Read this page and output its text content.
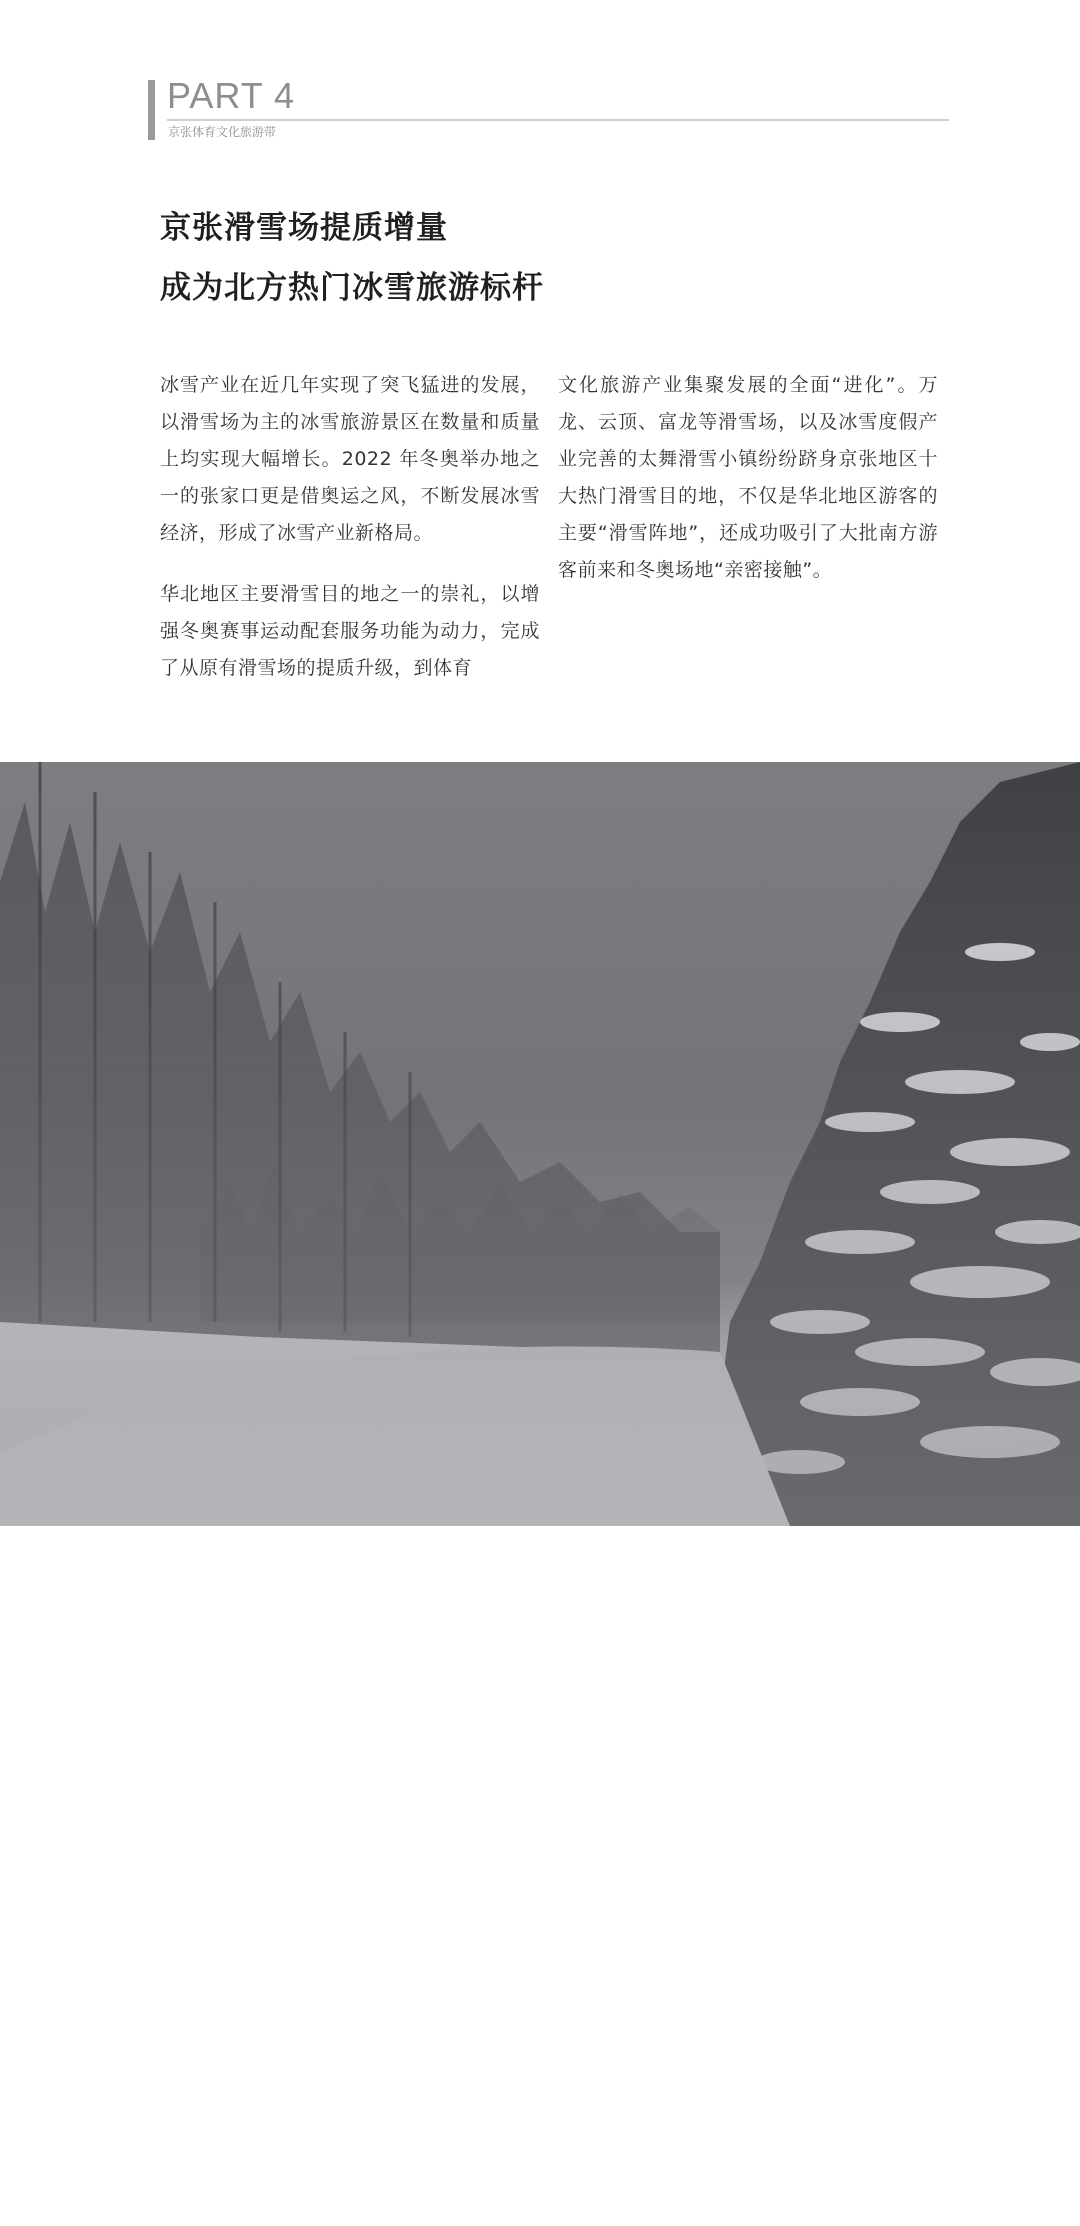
PART 4
京张体育文化旅游带
京张滑雪场提质增量
成为北方热门冰雪旅游标杆

冰雪产业在近几年实现了突飞猛进的发展，以滑雪场为主的冰雪旅游景区在数量和质量上均实现大幅增长。2022 年冬奥举办地之一的张家口更是借奥运之风，不断发展冰雪经济，形成了冰雪产业新格局。

华北地区主要滑雪目的地之一的崇礼，以增强冬奥赛事运动配套服务功能为动力，完成了从原有滑雪场的提质升级，到体育

文化旅游产业集聚发展的全面“进化”。万龙、云顶、富龙等滑雪场，以及冰雪度假产业完善的太舞滑雪小镇纷纷跻身京张地区十大热门滑雪目的地，不仅是华北地区游客的主要“滑雪阵地”，还成功吸引了大批南方游客前来和冬奥场地“亲密接触”。

张家口 图片来自马蜂窝用户＠疯叔不怕冷
